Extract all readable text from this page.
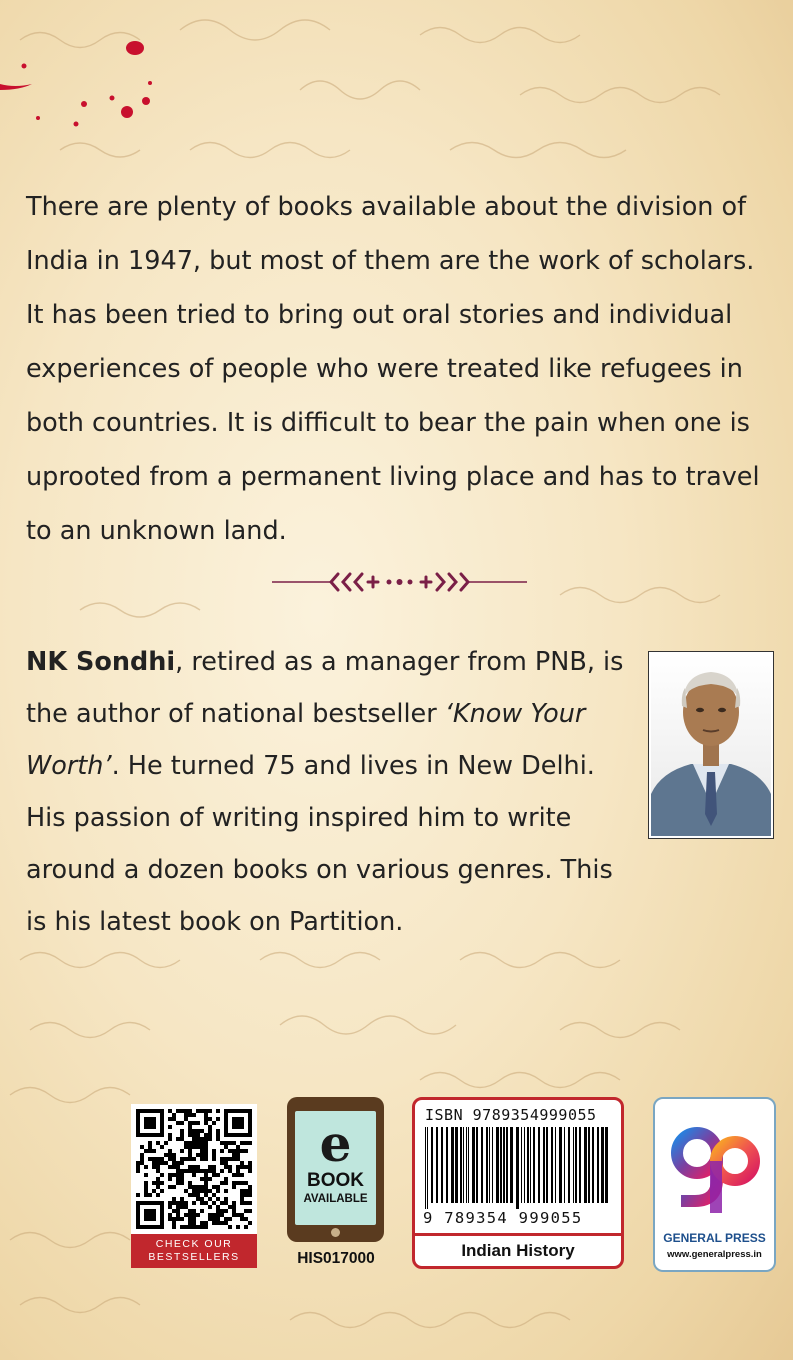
There are plenty of books available about the division of India in 1947, but most of them are the work of scholars. It has been tried to bring out oral stories and individual experiences of people who were treated like refugees in both countries. It is difficult to bear the pain when one is uprooted from a permanent living place and has to travel to an unknown land.

NK Sondhi, retired as a manager from PNB, is the author of national bestseller ‘Know Your Worth’. He turned 75 and lives in New Delhi. His passion of writing inspired him to write around a dozen books on various genres. This is his latest book on Partition.

CHECK OUR
BESTSELLERS
e
BOOK
AVAILABLE
HIS017000
ISBN 9789354999055
9 789354 999055
Indian History
GENERAL PRESS
www.generalpress.in
